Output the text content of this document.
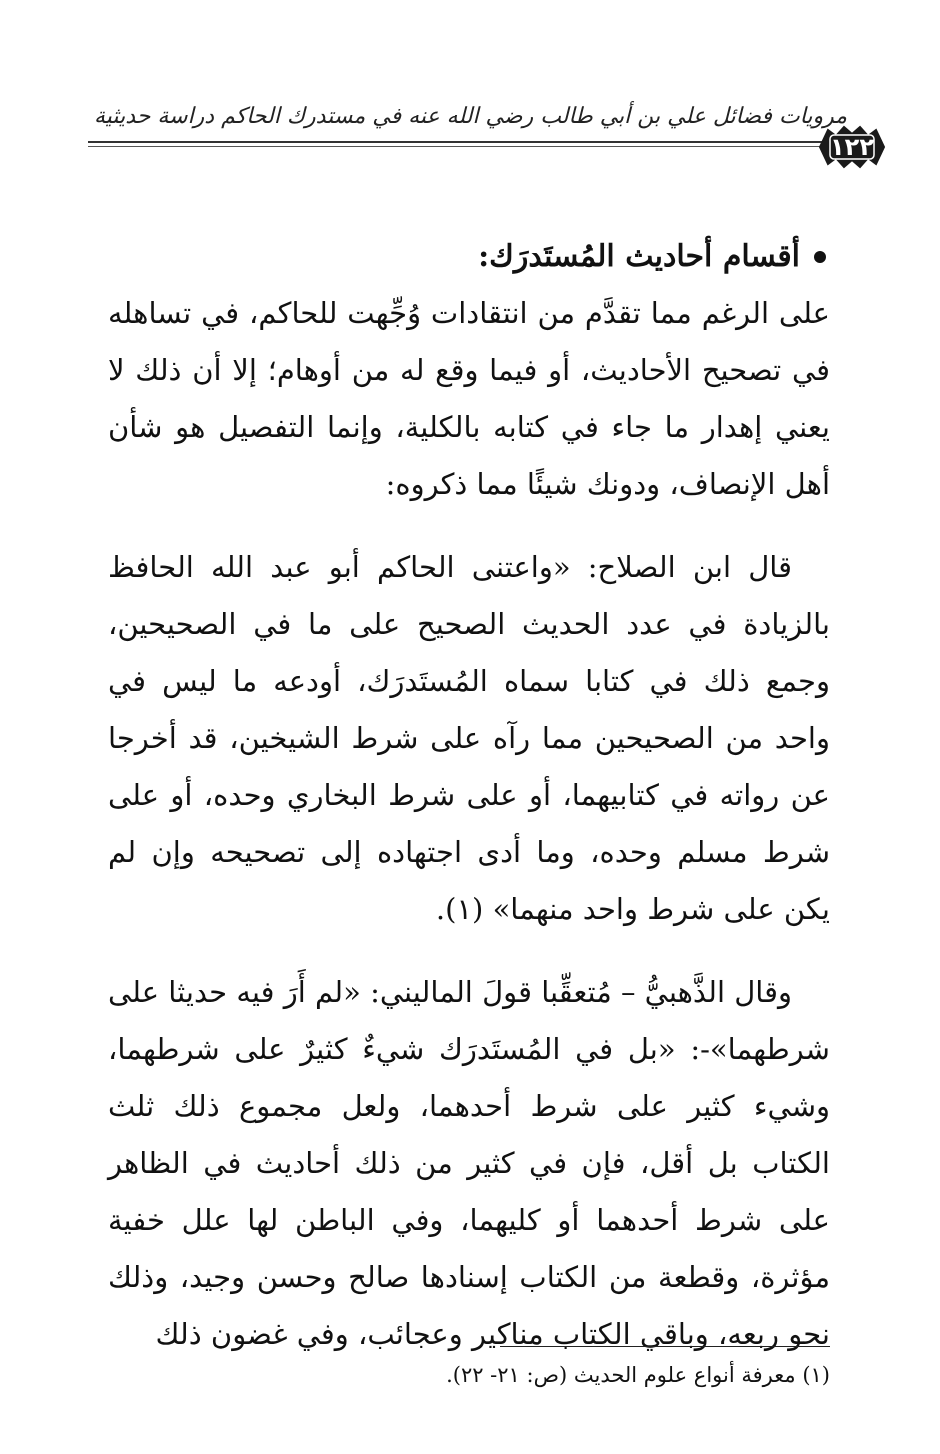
مرويات فضائل علي بن أبي طالب رضي الله عنه في مستدرك الحاكم دراسة حديثية
١٢٢
أقسام أحاديث المُستَدرَك:

على الرغم مما تقدَّم من انتقادات وُجِّهت للحاكم، في تساهله في تصحيح الأحاديث، أو فيما وقع له من أوهام؛ إلا أن ذلك لا يعني إهدار ما جاء في كتابه بالكلية، وإنما التفصيل هو شأن أهل الإنصاف، ودونك شيئًا مما ذكروه:

قال ابن الصلاح: «واعتنى الحاكم أبو عبد الله الحافظ بالزيادة في عدد الحديث الصحيح على ما في الصحيحين، وجمع ذلك في كتابا سماه المُستَدرَك، أودعه ما ليس في واحد من الصحيحين مما رآه على شرط الشيخين، قد أخرجا عن رواته في كتابيهما، أو على شرط البخاري وحده، أو على شرط مسلم وحده، وما أدى اجتهاده إلى تصحيحه وإن لم يكن على شرط واحد منهما» (١).

وقال الذَّهبيُّ – مُتعقِّبا قولَ الماليني: «لم أَرَ فيه حديثا على شرطهما»-: «بل في المُستَدرَك شيءٌ كثيرٌ على شرطهما، وشيء كثير على شرط أحدهما، ولعل مجموع ذلك ثلث الكتاب بل أقل، فإن في كثير من ذلك أحاديث في الظاهر على شرط أحدهما أو كليهما، وفي الباطن لها علل خفية مؤثرة، وقطعة من الكتاب إسنادها صالح وحسن وجيد، وذلك نحو ربعه، وباقي الكتاب مناكير وعجائب، وفي غضون ذلك

(١) معرفة أنواع علوم الحديث (ص: ٢١- ٢٢).
